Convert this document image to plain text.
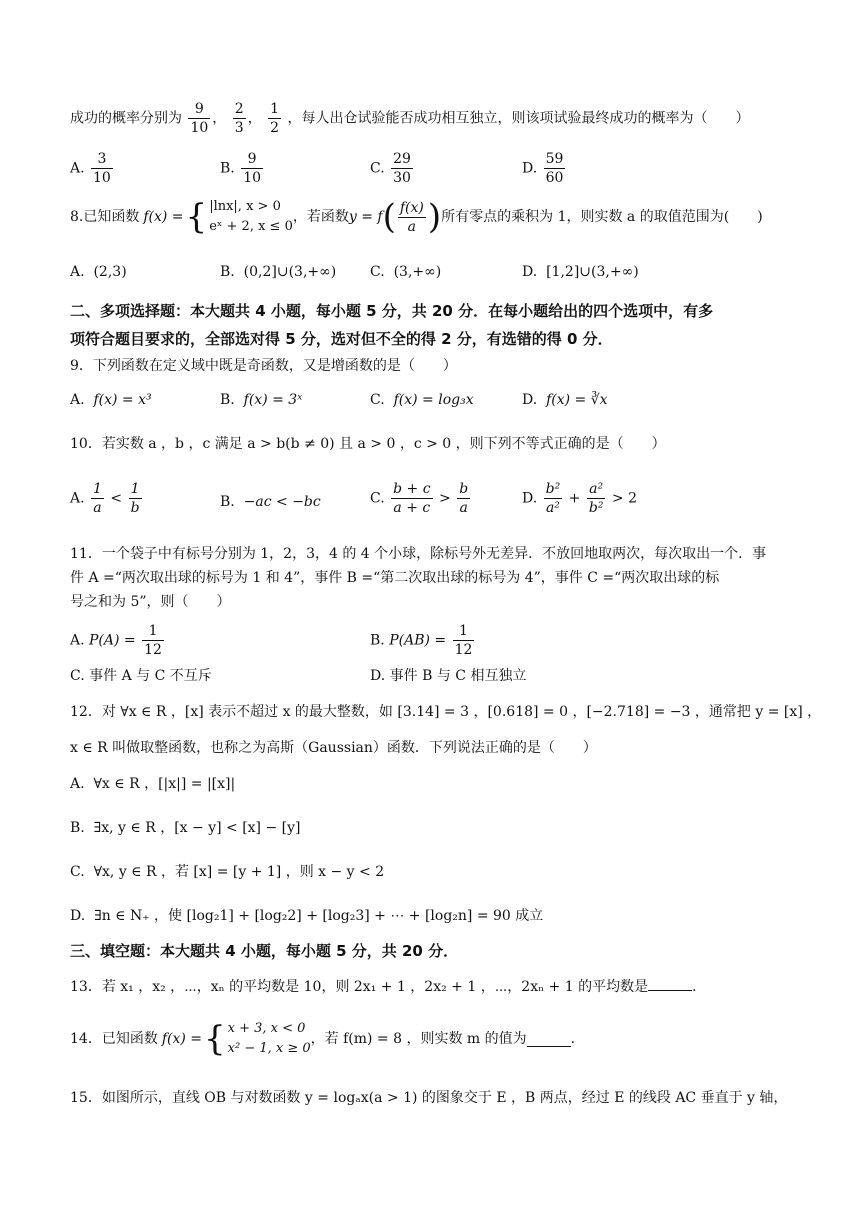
成功的概率分别为 $\frac{9}{10}$ ， $\frac{2}{3}$ ， $\frac{1}{2}$ ，每人出仓试验能否成功相互独立，则该项试验最终成功的概率为（　　）
A. $\frac{3}{10}$	B. $\frac{9}{10}$	C. $\frac{29}{30}$	D. $\frac{59}{60}$
8. 已知函数 f(x) = { |lnx|, x > 0
eˣ + 2, x ≤ 0
，若函数 y = f ( $\frac{f(x)}{a}$ ) 所有零点的乘积为 1，则实数 a 的取值范围为(　　)
A. (2,3)	B. (0,2]∪(3,+∞) C. (3,+∞)	D. [1,2]∪(3,+∞)
二、多项选择题：本大题共 4 小题，每小题 5 分，共 20 分．在每小题给出的四个选项中，有多
项符合题目要求的，全部选对得 5 分，选对但不全的得 2 分，有选错的得 0 分．
9．下列函数在定义域中既是奇函数，又是增函数的是（　　）
A. f(x) = x³	B. f(x) = 3ˣ	C. f(x) = log₃x	D. f(x) = ∛x
10．若实数 a ，b ，c 满足 a > b(b ≠ 0) 且 a > 0 ，c > 0 ，则下列不等式正确的是（　　）
A. $\frac{1}{a} < \frac{1}{b}$	B. −ac < −bc	C. $\frac{b + c}{a + c} > \frac{b}{a}$	D. $\frac{\text{b²}}{\text{a²}} + \frac{\text{a²}}{\text{b²}} > 2$
11．一个袋子中有标号分别为 1，2，3，4 的 4 个小球，除标号外无差异．不放回地取两次，每次取出一个．事
件 A =“两次取出球的标号为 1 和 4”，事件 B =“第二次取出球的标号为 4”，事件 C =“两次取出球的标
号之和为 5”，则（　　）
A. $P(A) = \frac{1}{12}$	B. $P(AB) = \frac{1}{12}$
C. 事件 A 与 C 不互斥	D. 事件 B 与 C 相互独立
12．对 ∀x ∈ R ，[x] 表示不超过 x 的最大整数，如 [3.14] = 3 ，[0.618] = 0 ，[−2.718] = −3 ，通常把 y = [x] ，
x ∈ R 叫做取整函数，也称之为高斯（Gaussian）函数．下列说法正确的是（　　）
A. ∀x ∈ R ，[|x|] = |[x]|
B. ∃x, y ∈ R ，[x − y] < [x] − [y]
C. ∀x, y ∈ R ，若 [x] = [y + 1] ，则 x − y < 2
D. ∃n ∈ N₊ ，使 [log₂1] + [log₂2] + [log₂3] + ⋯ + [log₂n] = 90 成立
三、填空题：本大题共 4 小题，每小题 5 分，共 20 分．
13．若 x₁ ，x₂ ，⋯，xₙ 的平均数是 10，则 2x₁ + 1 ，2x₂ + 1 ，⋯，2xₙ + 1 的平均数是	．
14．已知函数 f(x) = { x + 3, x < 0
x² − 1, x ≥ 0
，若 f(m) = 8 ，则实数 m 的值为	．
15．如图所示，直线 OB 与对数函数 y = logₐx(a > 1) 的图象交于 E ，B 两点，经过 E 的线段 AC 垂直于 y 轴，
